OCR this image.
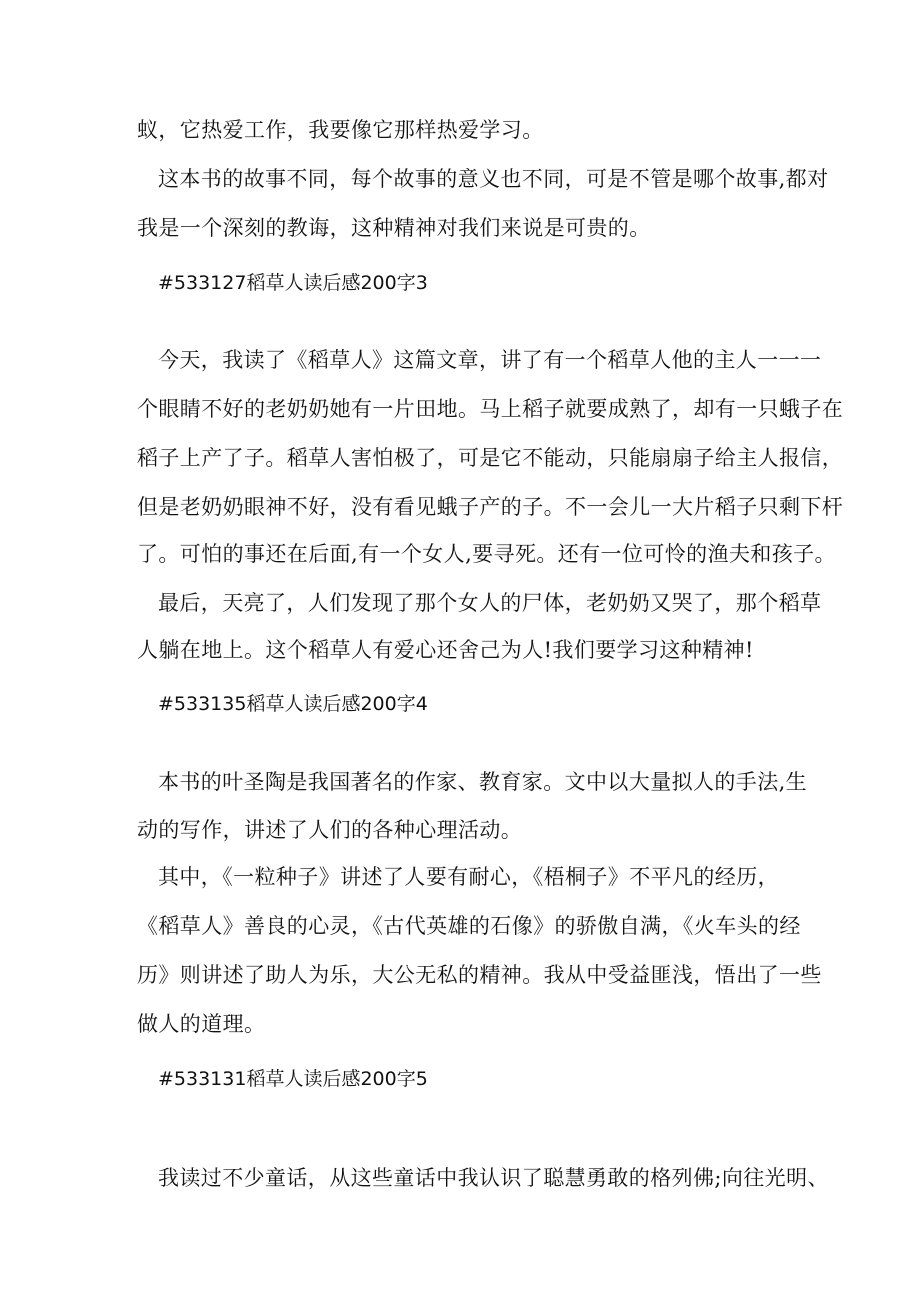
蚁，它热爱工作，我要像它那样热爱学习。
这本书的故事不同，每个故事的意义也不同，可是不管是哪个故事,都对
我是一个深刻的教诲，这种精神对我们来说是可贵的。
#533127稻草人读后感200字3
今天，我读了《稻草人》这篇文章，讲了有一个稻草人他的主人一一一
个眼睛不好的老奶奶她有一片田地。马上稻子就要成熟了，却有一只蛾子在
稻子上产了子。稻草人害怕极了，可是它不能动，只能扇扇子给主人报信，
但是老奶奶眼神不好，没有看见蛾子产的子。不一会儿一大片稻子只剩下杆
了。可怕的事还在后面,有一个女人,要寻死。还有一位可怜的渔夫和孩子。
最后，天亮了，人们发现了那个女人的尸体，老奶奶又哭了，那个稻草
人躺在地上。这个稻草人有爱心还舍己为人!我们要学习这种精神!
#533135稻草人读后感200字4
本书的叶圣陶是我国著名的作家、教育家。文中以大量拟人的手法,生
动的写作，讲述了人们的各种心理活动。
其中，《一粒种子》讲述了人要有耐心，《梧桐子》不平凡的经历，
《稻草人》善良的心灵，《古代英雄的石像》的骄傲自满，《火车头的经
历》则讲述了助人为乐，大公无私的精神。我从中受益匪浅，悟出了一些
做人的道理。
#533131稻草人读后感200字5
我读过不少童话，从这些童话中我认识了聪慧勇敢的格列佛;向往光明、
